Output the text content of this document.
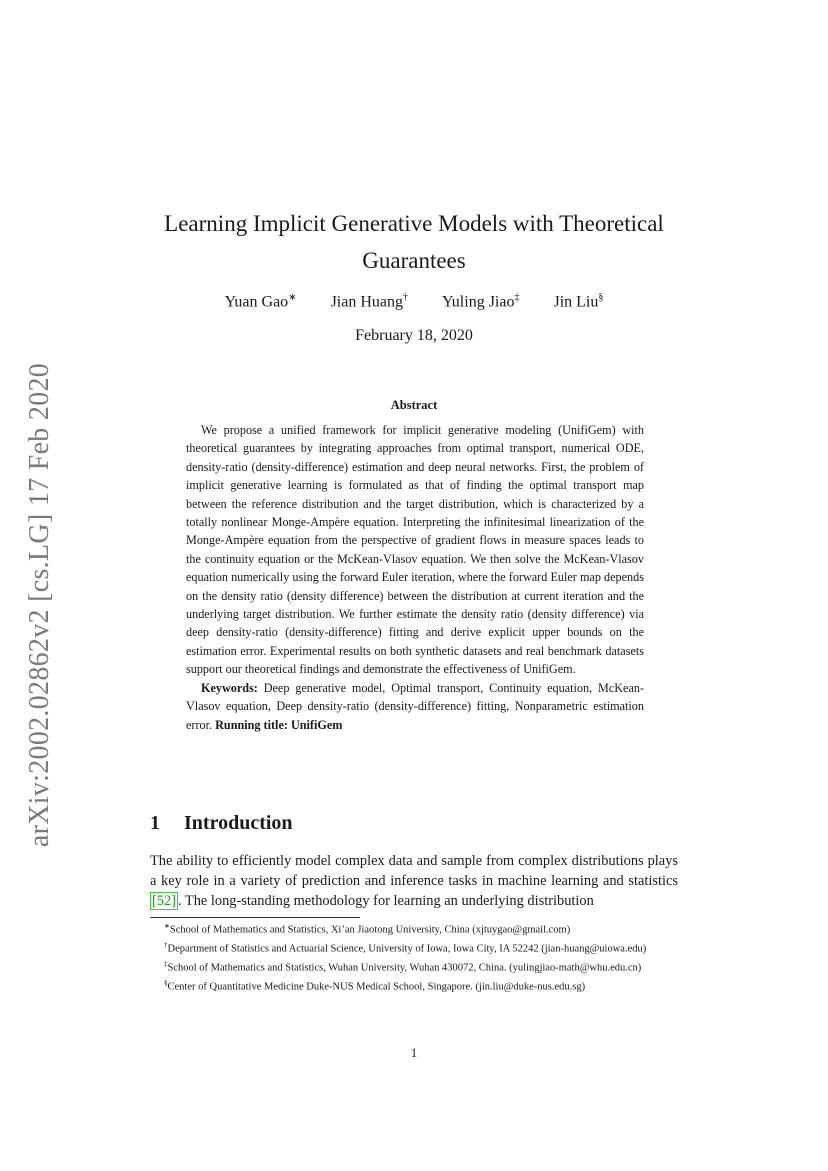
arXiv:2002.02862v2 [cs.LG] 17 Feb 2020
Learning Implicit Generative Models with Theoretical Guarantees
Yuan Gao∗ Jian Huang† Yuling Jiao‡ Jin Liu§
February 18, 2020
Abstract

We propose a unified framework for implicit generative modeling (UnifiGem) with theoretical guarantees by integrating approaches from optimal transport, numerical ODE, density-ratio (density-difference) estimation and deep neural networks. First, the problem of implicit generative learning is formulated as that of finding the optimal transport map between the reference distribution and the target distribution, which is characterized by a totally nonlinear Monge-Ampère equation. Interpreting the infinitesimal linearization of the Monge-Ampère equation from the perspective of gradient flows in measure spaces leads to the continuity equation or the McKean-Vlasov equation. We then solve the McKean-Vlasov equation numerically using the forward Euler iteration, where the forward Euler map depends on the density ratio (density difference) between the distribution at current iteration and the underlying target distribution. We further estimate the density ratio (density difference) via deep density-ratio (density-difference) fitting and derive explicit upper bounds on the estimation error. Experimental results on both synthetic datasets and real benchmark datasets support our theoretical findings and demonstrate the effectiveness of UnifiGem.

Keywords: Deep generative model, Optimal transport, Continuity equation, McKean-Vlasov equation, Deep density-ratio (density-difference) fitting, Nonparametric estimation error. Running title: UnifiGem

1 Introduction

The ability to efficiently model complex data and sample from complex distributions plays a key role in a variety of prediction and inference tasks in machine learning and statistics [52] . The long-standing methodology for learning an underlying distribution

∗School of Mathematics and Statistics, Xi’an Jiaotong University, China (xjtuygao@gmail.com)

†Department of Statistics and Actuarial Science, University of Iowa, Iowa City, IA 52242 (jian-huang@uiowa.edu)

‡School of Mathematics and Statistics, Wuhan University, Wuhan 430072, China. (yulingjiao-math@whu.edu.cn)

§Center of Quantitative Medicine Duke-NUS Medical School, Singapore. (jin.liu@duke-nus.edu.sg)

1
